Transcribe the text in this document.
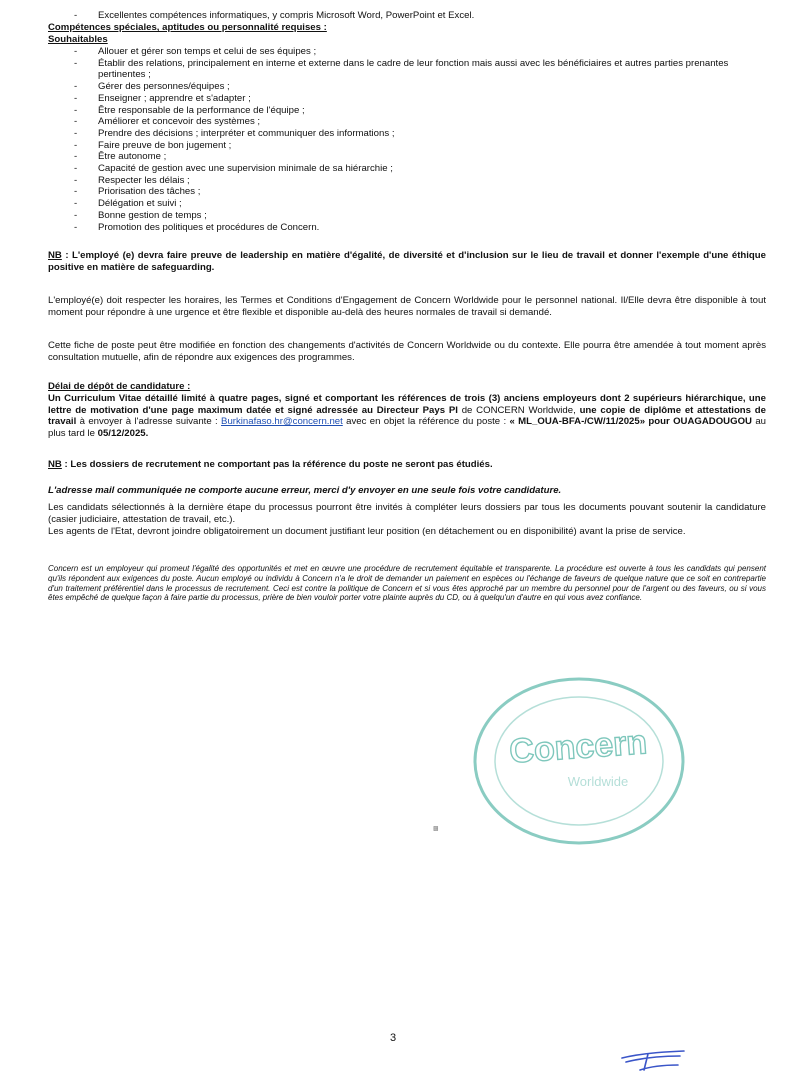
- Excellentes compétences informatiques, y compris Microsoft Word, PowerPoint et Excel.
Compétences spéciales, aptitudes ou personnalité requises :
Souhaitables
- Allouer et gérer son temps et celui de ses équipes ;
- Établir des relations, principalement en interne et externe dans le cadre de leur fonction mais aussi avec les bénéficiaires et autres parties prenantes pertinentes ;
- Gérer des personnes/équipes ;
- Enseigner ; apprendre et s'adapter ;
- Être responsable de la performance de l'équipe ;
- Améliorer et concevoir des systèmes ;
- Prendre des décisions ; interpréter et communiquer des informations ;
- Faire preuve de bon jugement ;
- Être autonome ;
- Capacité de gestion avec une supervision minimale de sa hiérarchie ;
- Respecter les délais ;
- Priorisation des tâches ;
- Délégation et suivi ;
- Bonne gestion de temps ;
- Promotion des politiques et procédures de Concern.
NB : L'employé (e) devra faire preuve de leadership en matière d'égalité, de diversité et d'inclusion sur le lieu de travail et donner l'exemple d'une éthique positive en matière de safeguarding.
L'employé(e) doit respecter les horaires, les Termes et Conditions d'Engagement de Concern Worldwide pour le personnel national. Il/Elle devra être disponible à tout moment pour répondre à une urgence et être flexible et disponible au-delà des heures normales de travail si demandé.
Cette fiche de poste peut être modifiée en fonction des changements d'activités de Concern Worldwide ou du contexte. Elle pourra être amendée à tout moment après consultation mutuelle, afin de répondre aux exigences des programmes.
Délai de dépôt de candidature :
Un Curriculum Vitae détaillé limité à quatre pages, signé et comportant les références de trois (3) anciens employeurs dont 2 supérieurs hiérarchique, une lettre de motivation d'une page maximum datée et signé adressée au Directeur Pays PI de CONCERN Worldwide, une copie de diplôme et attestations de travail à envoyer à l'adresse suivante : Burkinafaso.hr@concern.net avec en objet la référence du poste : « ML_OUA-BFA-/CW/11/2025» pour OUAGADOUGOU au plus tard le 05/12/2025.
NB : Les dossiers de recrutement ne comportant pas la référence du poste ne seront pas étudiés.
L'adresse mail communiquée ne comporte aucune erreur, merci d'y envoyer en une seule fois votre candidature.
Les candidats sélectionnés à la dernière étape du processus pourront être invités à compléter leurs dossiers par tous les documents pouvant soutenir la candidature (casier judiciaire, attestation de travail, etc.).
Les agents de l'Etat, devront joindre obligatoirement un document justifiant leur position (en détachement ou en disponibilité) avant la prise de service.
Concern est un employeur qui promeut l'égalité des opportunités et met en œuvre une procédure de recrutement équitable et transparente. La procédure est ouverte à tous les candidats qui pensent qu'ils répondent aux exigences du poste. Aucun employé ou individu à Concern n'a le droit de demander un paiement en espèces ou l'échange de faveurs de quelque nature que ce soit en contrepartie d'un traitement préférentiel dans le processus de recrutement. Ceci est contre la politique de Concern et si vous êtes approché par un membre du personnel pour de l'argent ou des faveurs, ou si vous êtes empêché de quelque façon à faire partie du processus, prière de bien vouloir porter votre plainte auprès du CD, ou à quelqu'un d'autre en qui vous avez confiance.
Concern
Worldwide
▩
3
